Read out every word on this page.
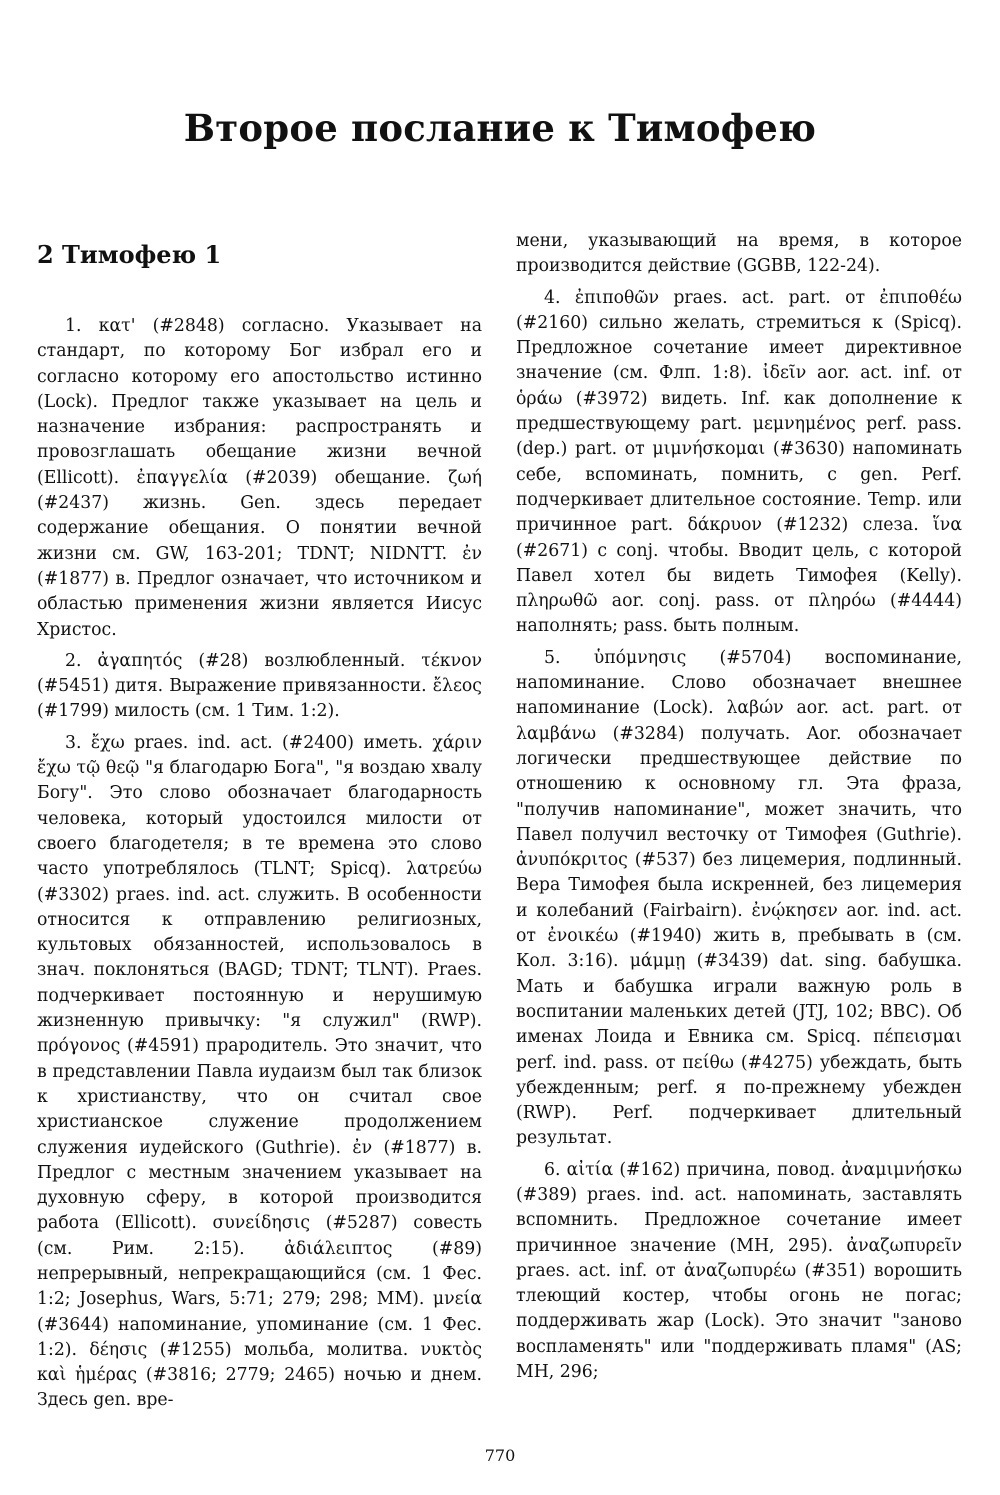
Второе послание к Тимофею
2 Тимофею 1

1. κατ' (#2848) согласно. Указывает на стандарт, по которому Бог избрал его и согласно которому его апостольство истинно (Lock). Предлог также указывает на цель и назначение избрания: распространять и провозглашать обещание жизни вечной (Ellicott). ἐπαγγελία (#2039) обещание. ζωή (#2437) жизнь. Gen. здесь передает содержание обещания. О понятии вечной жизни см. GW, 163-201; TDNT; NIDNTT. ἐν (#1877) в. Предлог означает, что источником и областью применения жизни является Иисус Христос.

2. ἀγαπητός (#28) возлюбленный. τέκνον (#5451) дитя. Выражение привязанности. ἔλεος (#1799) милость (см. 1 Тим. 1:2).

3. ἔχω praes. ind. act. (#2400) иметь. χάριν ἔχω τῷ θεῷ "я благодарю Бога", "я воздаю хвалу Богу". Это слово обозначает благодарность человека, который удостоился милости от своего благодетеля; в те времена это слово часто употреблялось (TLNT; Spicq). λατρεύω (#3302) praes. ind. act. служить. В особенности относится к отправлению религиозных, культовых обязанностей, использовалось в знач. поклоняться (BAGD; TDNT; TLNT). Praes. подчеркивает постоянную и нерушимую жизненную привычку: "я служил" (RWP). πρόγονος (#4591) прародитель. Это значит, что в представлении Павла иудаизм был так близок к христианству, что он считал свое христианское служение продолжением служения иудейского (Guthrie). ἐν (#1877) в. Предлог с местным значением указывает на духовную сферу, в которой производится работа (Ellicott). συνείδησις (#5287) совесть (см. Рим. 2:15). ἀδιάλειπτος (#89) непрерывный, непрекращающийся (см. 1 Фес. 1:2; Josephus, Wars, 5:71; 279; 298; MM). μνεία (#3644) напоминание, упоминание (см. 1 Фес. 1:2). δέησις (#1255) мольба, молитва. νυκτὸς καὶ ἡμέρας (#3816; 2779; 2465) ночью и днем. Здесь gen. вре-

мени, указывающий на время, в которое производится действие (GGBB, 122-24).

4. ἐπιποθῶν praes. act. part. от ἐπιποθέω (#2160) сильно желать, стремиться к (Spicq). Предложное сочетание имеет директивное значение (см. Флп. 1:8). ἰδεῖν aor. act. inf. от ὁράω (#3972) видеть. Inf. как дополнение к предшествующему part. μεμνημένος perf. pass. (dep.) part. от μιμνήσκομαι (#3630) напоминать себе, вспоминать, помнить, с gen. Perf. подчеркивает длительное состояние. Temp. или причинное part. δάκρυον (#1232) слеза. ἵνα (#2671) c conj. чтобы. Вводит цель, с которой Павел хотел бы видеть Тимофея (Kelly). πληρωθῶ aor. conj. pass. от πληρόω (#4444) наполнять; pass. быть полным.

5. ὑπόμνησις (#5704) воспоминание, напоминание. Слово обозначает внешнее напоминание (Lock). λαβών aor. act. part. от λαμβάνω (#3284) получать. Aor. обозначает логически предшествующее действие по отношению к основному гл. Эта фраза, "получив напоминание", может значить, что Павел получил весточку от Тимофея (Guthrie). ἀνυπόκριτος (#537) без лицемерия, подлинный. Вера Тимофея была искренней, без лицемерия и колебаний (Fairbairn). ἐνῴκησεν aor. ind. act. от ἐνοικέω (#1940) жить в, пребывать в (см. Кол. 3:16). μάμμῃ (#3439) dat. sing. бабушка. Мать и бабушка играли важную роль в воспитании маленьких детей (JTJ, 102; BBC). Об именах Лоида и Евника см. Spicq. πέπεισμαι perf. ind. pass. от πείθω (#4275) убеждать, быть убежденным; perf. я по-прежнему убежден (RWP). Perf. подчеркивает длительный результат.

6. αἰτία (#162) причина, повод. ἀναμιμνήσκω (#389) praes. ind. act. напоминать, заставлять вспомнить. Предложное сочетание имеет причинное значение (MH, 295). ἀναζωπυρεῖν praes. act. inf. от ἀναζωπυρέω (#351) ворошить тлеющий костер, чтобы огонь не погас; поддерживать жар (Lock). Это значит "заново воспламенять" или "поддерживать пламя" (AS; MH, 296;

770
